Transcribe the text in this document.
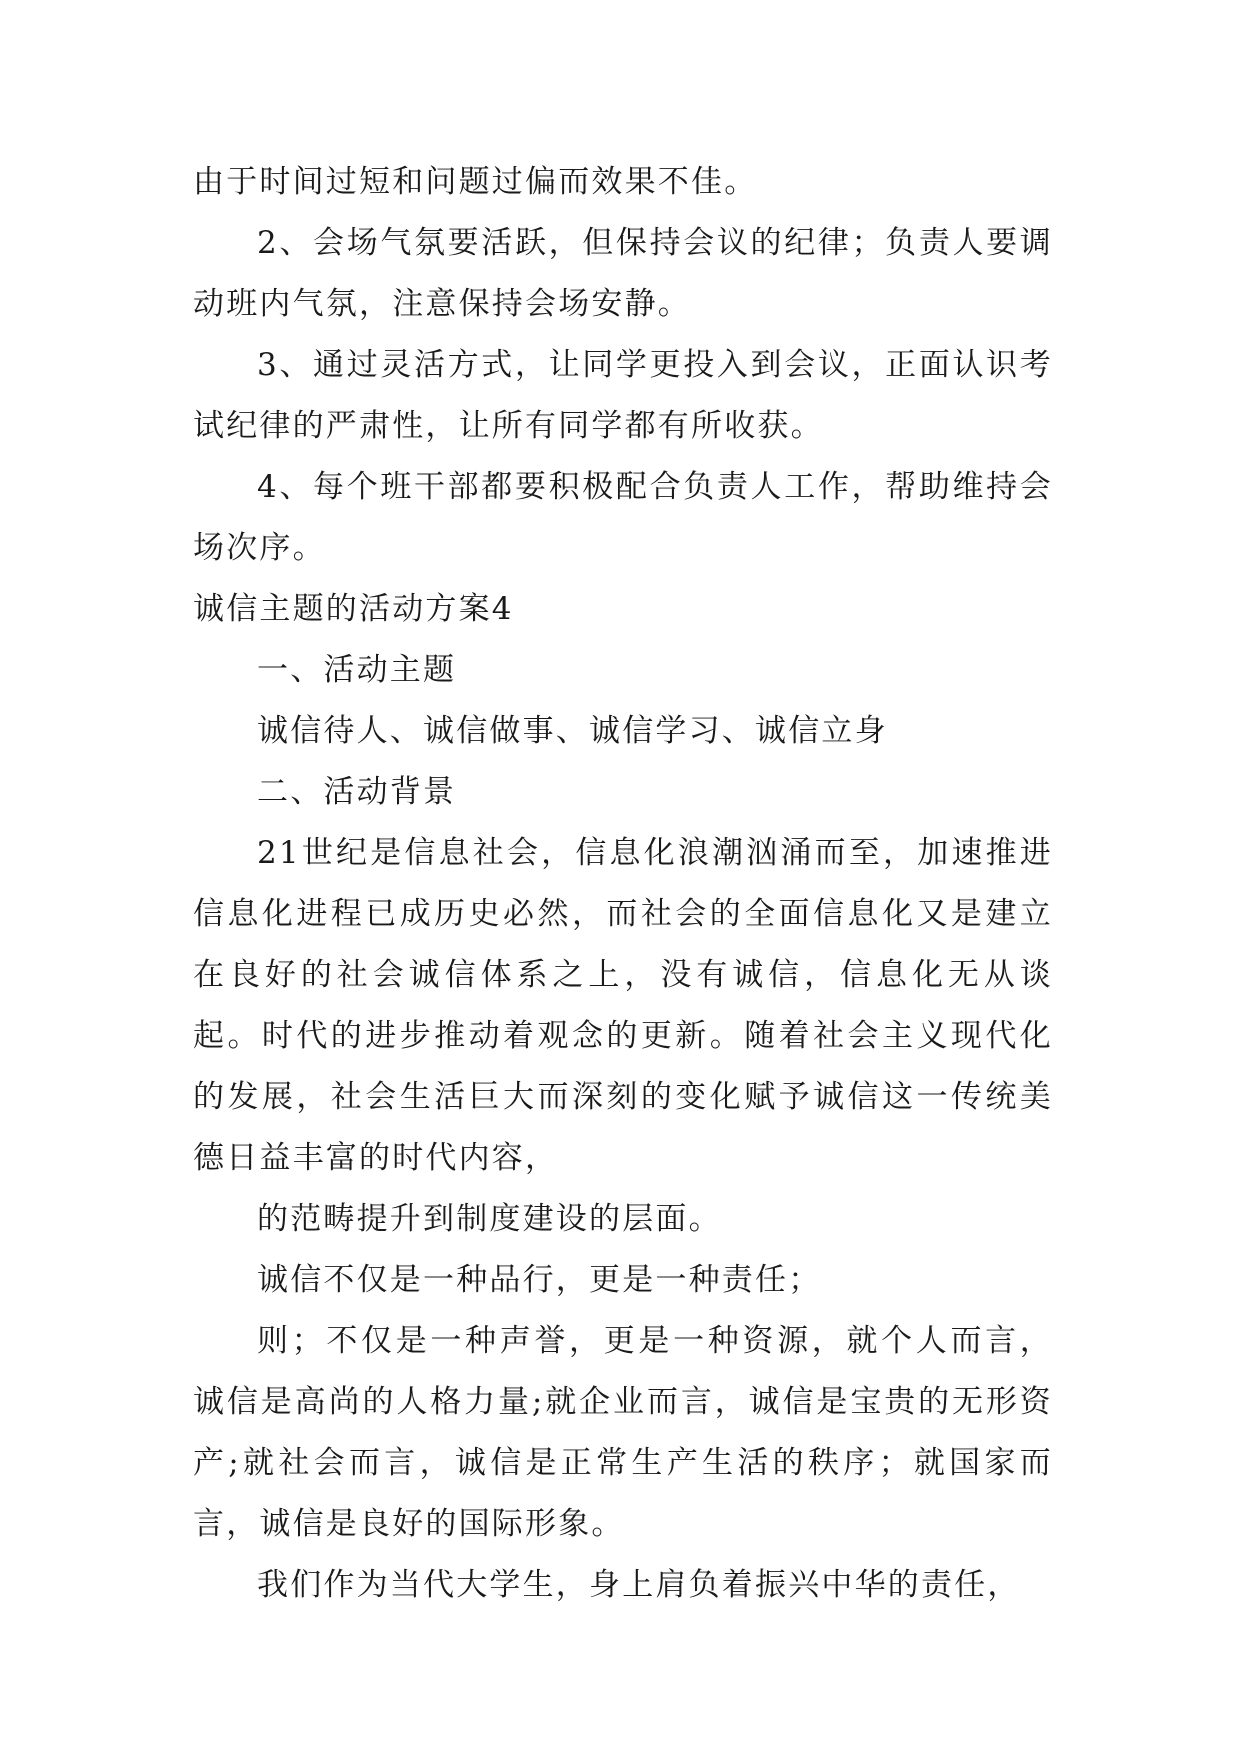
由于时间过短和问题过偏而效果不佳。

2、会场气氛要活跃，但保持会议的纪律；负责人要调动班内气氛，注意保持会场安静。

3、通过灵活方式，让同学更投入到会议，正面认识考试纪律的严肃性，让所有同学都有所收获。

4、每个班干部都要积极配合负责人工作，帮助维持会场次序。

诚信主题的活动方案4

一、活动主题

诚信待人、诚信做事、诚信学习、诚信立身

二、活动背景

21世纪是信息社会，信息化浪潮汹涌而至，加速推进信息化进程已成历史必然，而社会的全面信息化又是建立在良好的社会诚信体系之上，没有诚信，信息化无从谈起。时代的进步推动着观念的更新。随着社会主义现代化的发展，社会生活巨大而深刻的变化赋予诚信这一传统美德日益丰富的时代内容，

的范畴提升到制度建设的层面。

诚信不仅是一种品行，更是一种责任；

则；不仅是一种声誉，更是一种资源，就个人而言，诚信是高尚的人格力量;就企业而言，诚信是宝贵的无形资产;就社会而言，诚信是正常生产生活的秩序；就国家而言，诚信是良好的国际形象。

我们作为当代大学生，身上肩负着振兴中华的责任，
